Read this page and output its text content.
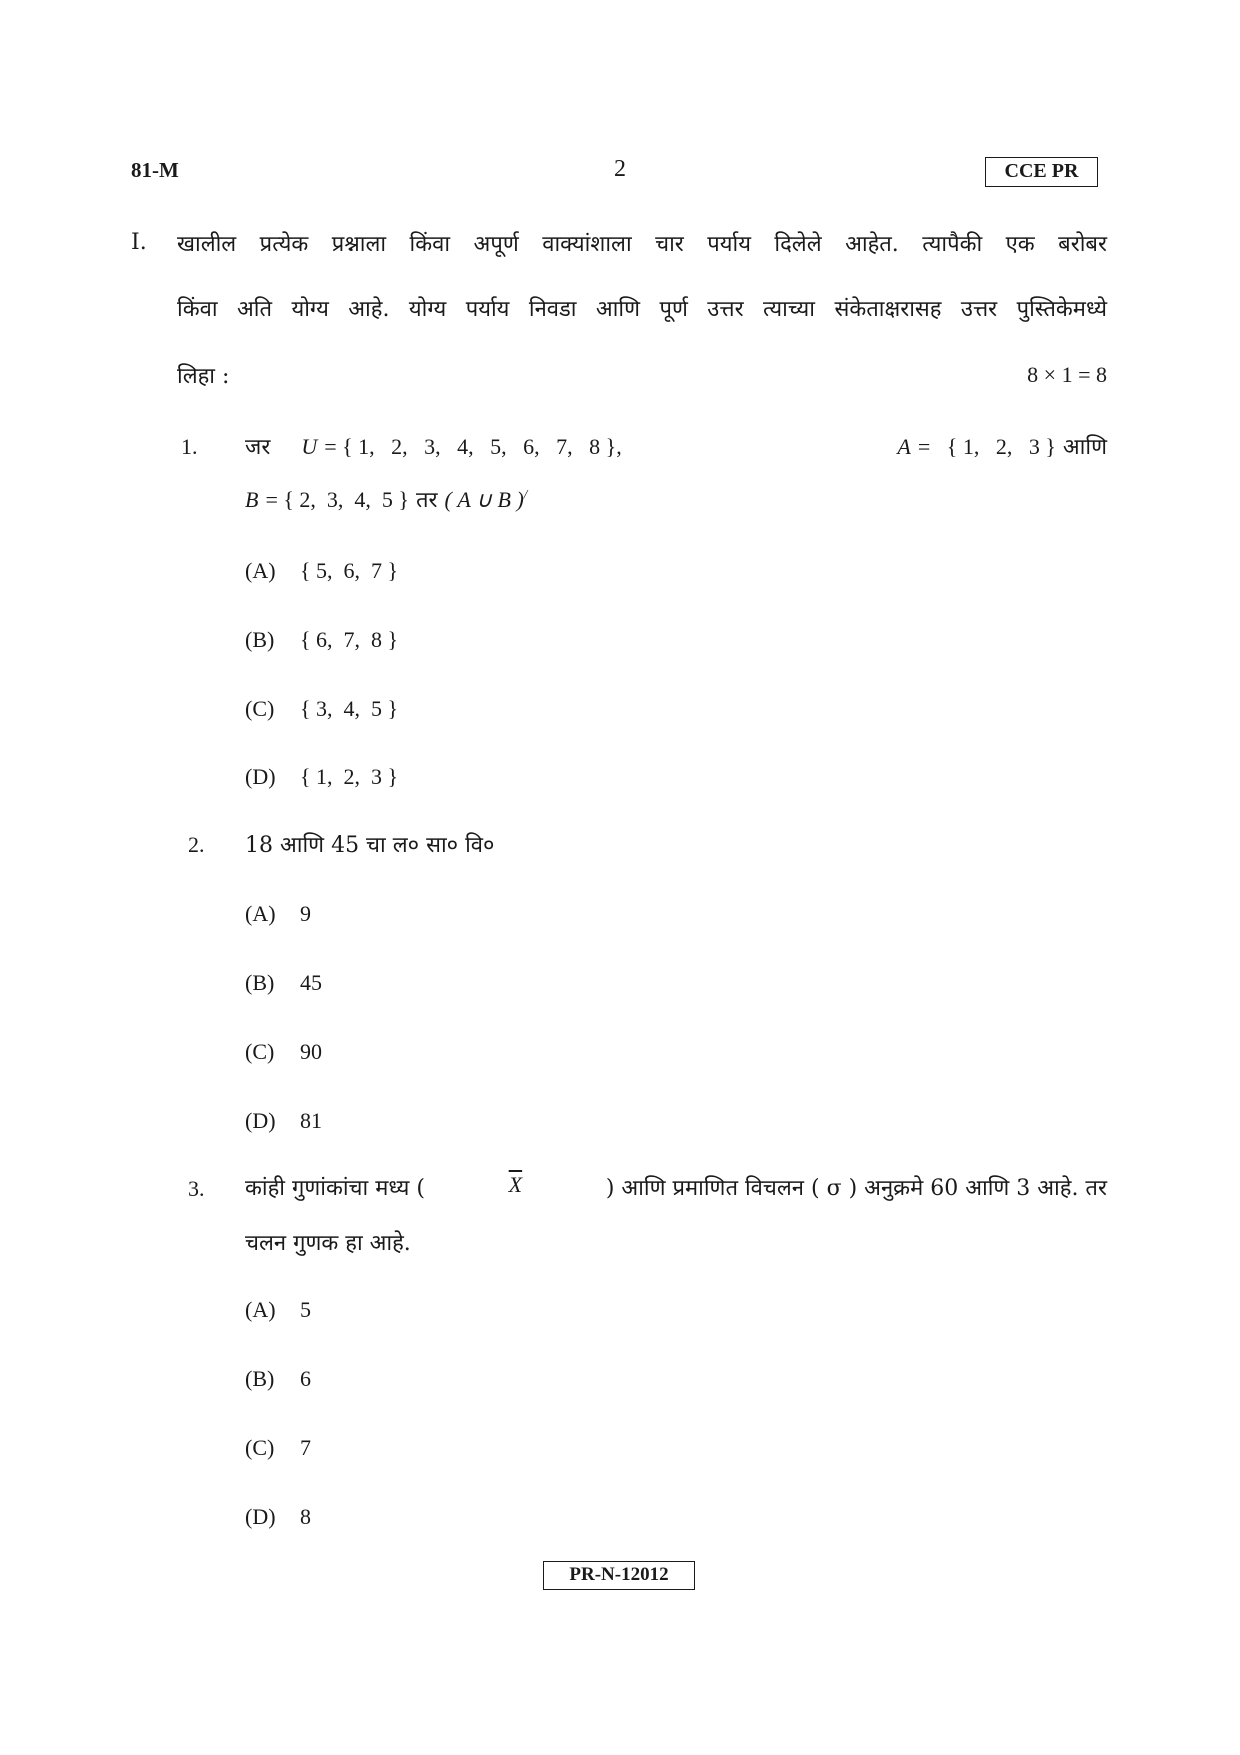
81-M	2	CCE PR
I. खालील प्रत्येक प्रश्नाला किंवा अपूर्ण वाक्यांशाला चार पर्याय दिलेले आहेत. त्यापैकी एक बरोबर
किंवा अति योग्य आहे. योग्य पर्याय निवडा आणि पूर्ण उत्तर त्याच्या संकेताक्षरासह उत्तर पुस्तिकेमध्ये
लिहा :	8 × 1 = 8
1. जर U = { 1,   2,   3,   4,   5,   6,   7,   8 },	A =   { 1,   2,   3 } आणि
B = { 2,  3,  4,  5 } तर ( A ∪ B )/
(A) { 5,  6,  7 }
(B) { 6,  7,  8 }
(C) { 3,  4,  5 }
(D) { 1,  2,  3 }
2. 18 आणि 45 चा ल० सा० वि०
(A) 9
(B) 45
(C) 90
(D) 81
3. कांही गुणांकांचा मध्य (	$\overline{X}$	) आणि प्रमाणित विचलन ( σ ) अनुक्रमे 60 आणि 3 आहे. तर
चलन गुणक हा आहे.
(A) 5
(B) 6
(C) 7
(D) 8
PR-N-12012
